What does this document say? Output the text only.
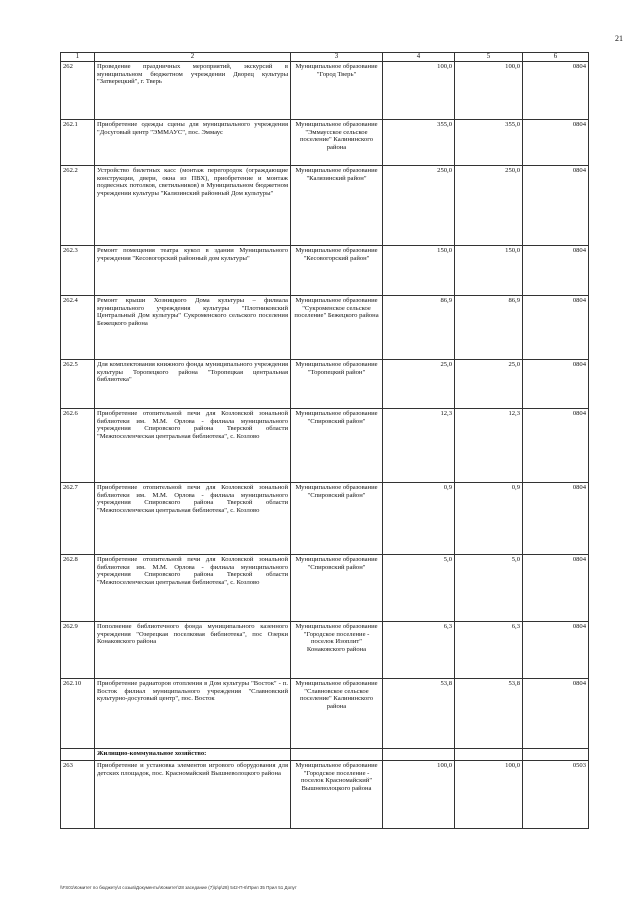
21
1	2	3	4	5	6
262	Проведение праздничных мероприятий, экскурсий в муниципальном бюджетном учреждении Дворец культуры "Затверецкий", г. Тверь	Муниципальное образование "Город Тверь"	100,0	100,0	0804
262.1	Приобретение одежды сцены для муниципального учреждения "Досуговый центр "ЭММАУС", пос. Эммаус	Муниципальное образование "Эммаусское сельское поселение" Калининского района	355,0	355,0	0804
262.2	Устройство билетных касс (монтаж перегородок (ограждающие конструкции, двери, окна из ПВХ), приобретение и монтаж подвесных потолков, светильников) в Муниципальном бюджетном учреждении культуры "Калязинский районный Дом культуры"	Муниципальное образование "Калязинский район"	250,0	250,0	0804
262.3	Ремонт помещения театра кукол в здании Муниципального учреждения "Кесовогорский районный дом культуры"	Муниципальное образование "Кесовогорский район"	150,0	150,0	0804
262.4	Ремонт крыши Хозницкого Дома культуры – филиала муниципального учреждения культуры "Плотниковский Центральный Дом культуры" Сукроменского сельского поселения Бежецкого района	Муниципальное образование "Сукроменское сельское поселение" Бежецкого района	86,9	86,9	0804
262.5	Для комплектования книжного фонда муниципального учреждения культуры Торопецкого района "Торопецкая центральная библиотека"	Муниципальное образование "Торопецкий район"	25,0	25,0	0804
262.6	Приобретение отопительной печи для Козловской зональной библиотеки им. М.М. Орлова - филиала муниципального учреждения Спировского района Тверской области "Межпоселенческая центральная библиотека", с. Козлово	Муниципальное образование "Спировский район"	12,3	12,3	0804
262.7	Приобретение отопительной печи для Козловской зональной библиотеки им. М.М. Орлова - филиала муниципального учреждения Спировского района Тверской области "Межпоселенческая центральная библиотека", с. Козлово	Муниципальное образование "Спировский район"	0,9	0,9	0804
262.8	Приобретение отопительной печи для Козловской зональной библиотеки им. М.М. Орлова - филиала муниципального учреждения Спировского района Тверской области "Межпоселенческая центральная библиотека", с. Козлово	Муниципальное образование "Спировский район"	5,0	5,0	0804
262.9	Пополнение библиотечного фонда муниципального казенного учреждения "Озерецкая поселковая библиотека", пос Озерки Конаковского района	Муниципальное образование "Городское поселение - поселок Изоплит" Конаковского района	6,3	6,3	0804
262.10	Приобретение радиаторов отопления в Дом культуры "Восток" - п. Восток филиал муниципального учреждения "Славновский культурно-досуговый центр", пос. Восток	Муниципальное образование "Славновское сельское поселение" Калининского района	53,8	53,8	0804
	Жилищно-коммунальное хозяйство:				
263	Приобретение и установка элементов игрового оборудования для детских площадок, пос. Красномайский Вышневолоцкого района	Муниципальное образование "Городское поселение - поселок Красномайский" Вышневолоцкого района	100,0	100,0	0503
\\FS01\Комитет по бюджету\4 созыв\Документы\Комитет\28 заседание (7)\р\р\28) 542-П-6\Прил 35 Прил 51 Допут
